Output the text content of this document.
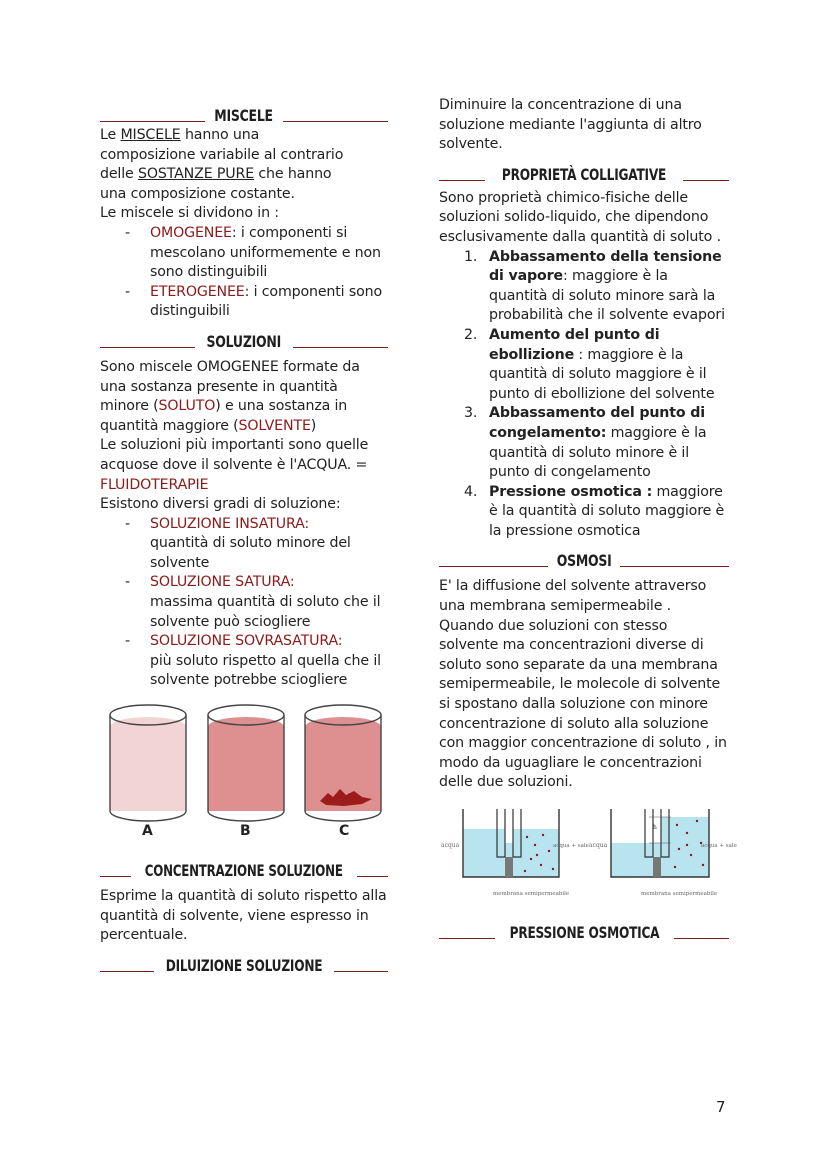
MISCELE
Le MISCELE hanno una
composizione variabile al contrario
delle SOSTANZE PURE che hanno
una composizione costante.
Le miscele si dividono in :
- OMOGENEE: i componenti si mescolano uniformemente e non sono distinguibili
- ETEROGENEE: i componenti sono distinguibili
SOLUZIONI
Sono miscele OMOGENEE formate da una sostanza presente in quantità minore (SOLUTO) e una sostanza in quantità maggiore (SOLVENTE)
Le soluzioni più importanti sono quelle acquose dove il solvente è l'ACQUA. = FLUIDOTERAPIE
Esistono diversi gradi di soluzione:
- SOLUZIONE INSATURA:
quantità di soluto minore del solvente
- SOLUZIONE SATURA:
massima quantità di soluto che il solvente può sciogliere
- SOLUZIONE SOVRASATURA:
più soluto rispetto al quella che il solvente potrebbe sciogliere
A	B	C
CONCENTRAZIONE SOLUZIONE
Esprime la quantità di soluto rispetto alla quantità di solvente, viene espresso in percentuale.
DILUIZIONE SOLUZIONE
Diminuire la concentrazione di una soluzione mediante l'aggiunta di altro solvente.
PROPRIETÀ COLLIGATIVE
Sono proprietà chimico-fisiche delle soluzioni solido-liquido, che dipendono esclusivamente dalla quantità di soluto .
1. Abbassamento della tensione di vapore: maggiore è la quantità di soluto minore sarà la probabilità che il solvente evapori
2. Aumento del punto di ebollizione : maggiore è la quantità di soluto maggiore è il punto di ebollizione del solvente
3. Abbassamento del punto di congelamento: maggiore è la quantità di soluto minore è il punto di congelamento
4. Pressione osmotica : maggiore è la quantità di soluto maggiore è la pressione osmotica
OSMOSI
E' la diffusione del solvente attraverso una membrana semipermeabile . Quando due soluzioni con stesso solvente ma concentrazioni diverse di soluto sono separate da una membrana semipermeabile, le molecole di solvente si spostano dalla soluzione con minore concentrazione di soluto alla soluzione con maggior concentrazione di soluto , in modo da uguagliare le concentrazioni delle due soluzioni.
acqua	acqua + sale
membrana semipermeabile
h
acqua	acqua + sale
membrana semipermeabile
PRESSIONE OSMOTICA
7
